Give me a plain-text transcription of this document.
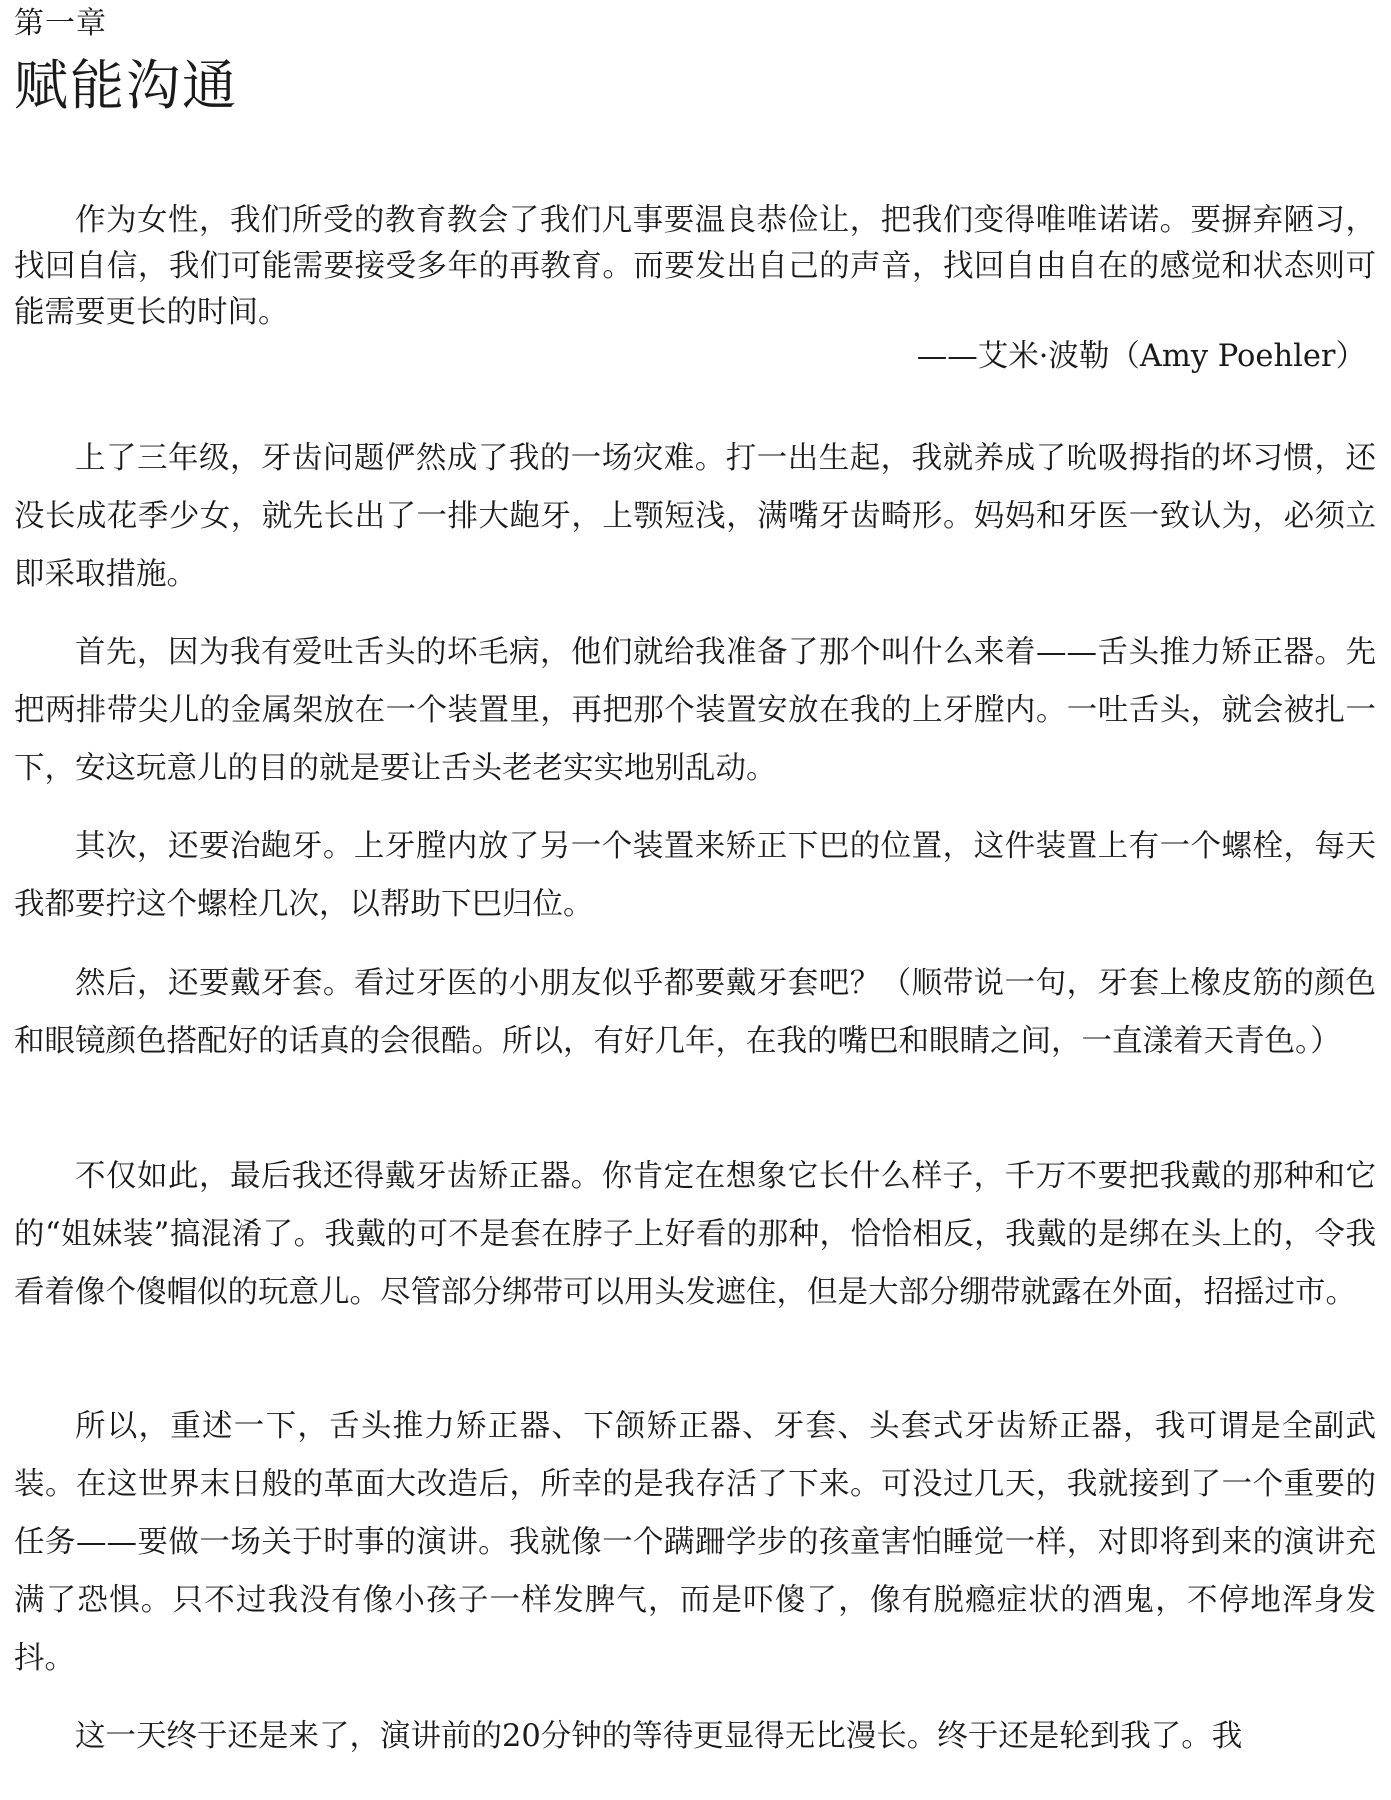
第一章
赋能沟通

作为女性，我们所受的教育教会了我们凡事要温良恭俭让，把我们变得唯唯诺诺。要摒弃陋习，找回自信，我们可能需要接受多年的再教育。而要发出自己的声音，找回自由自在的感觉和状态则可能需要更长的时间。

——艾米·波勒（Amy Poehler）

上了三年级，牙齿问题俨然成了我的一场灾难。打一出生起，我就养成了吮吸拇指的坏习惯，还没长成花季少女，就先长出了一排大龅牙，上颚短浅，满嘴牙齿畸形。妈妈和牙医一致认为，必须立即采取措施。

首先，因为我有爱吐舌头的坏毛病，他们就给我准备了那个叫什么来着——舌头推力矫正器。先把两排带尖儿的金属架放在一个装置里，再把那个装置安放在我的上牙膛内。一吐舌头，就会被扎一下，安这玩意儿的目的就是要让舌头老老实实地别乱动。

其次，还要治龅牙。上牙膛内放了另一个装置来矫正下巴的位置，这件装置上有一个螺栓，每天我都要拧这个螺栓几次，以帮助下巴归位。

然后，还要戴牙套。看过牙医的小朋友似乎都要戴牙套吧？（顺带说一句，牙套上橡皮筋的颜色和眼镜颜色搭配好的话真的会很酷。所以，有好几年，在我的嘴巴和眼睛之间，一直漾着天青色。）

不仅如此，最后我还得戴牙齿矫正器。你肯定在想象它长什么样子，千万不要把我戴的那种和它的“姐妹装”搞混淆了。我戴的可不是套在脖子上好看的那种，恰恰相反，我戴的是绑在头上的，令我看着像个傻帽似的玩意儿。尽管部分绑带可以用头发遮住，但是大部分绷带就露在外面，招摇过市。

所以，重述一下，舌头推力矫正器、下颌矫正器、牙套、头套式牙齿矫正器，我可谓是全副武装。在这世界末日般的革面大改造后，所幸的是我存活了下来。可没过几天，我就接到了一个重要的任务——要做一场关于时事的演讲。我就像一个蹒跚学步的孩童害怕睡觉一样，对即将到来的演讲充满了恐惧。只不过我没有像小孩子一样发脾气，而是吓傻了，像有脱瘾症状的酒鬼，不停地浑身发抖。

这一天终于还是来了，演讲前的20分钟的等待更显得无比漫长。终于还是轮到我了。我
